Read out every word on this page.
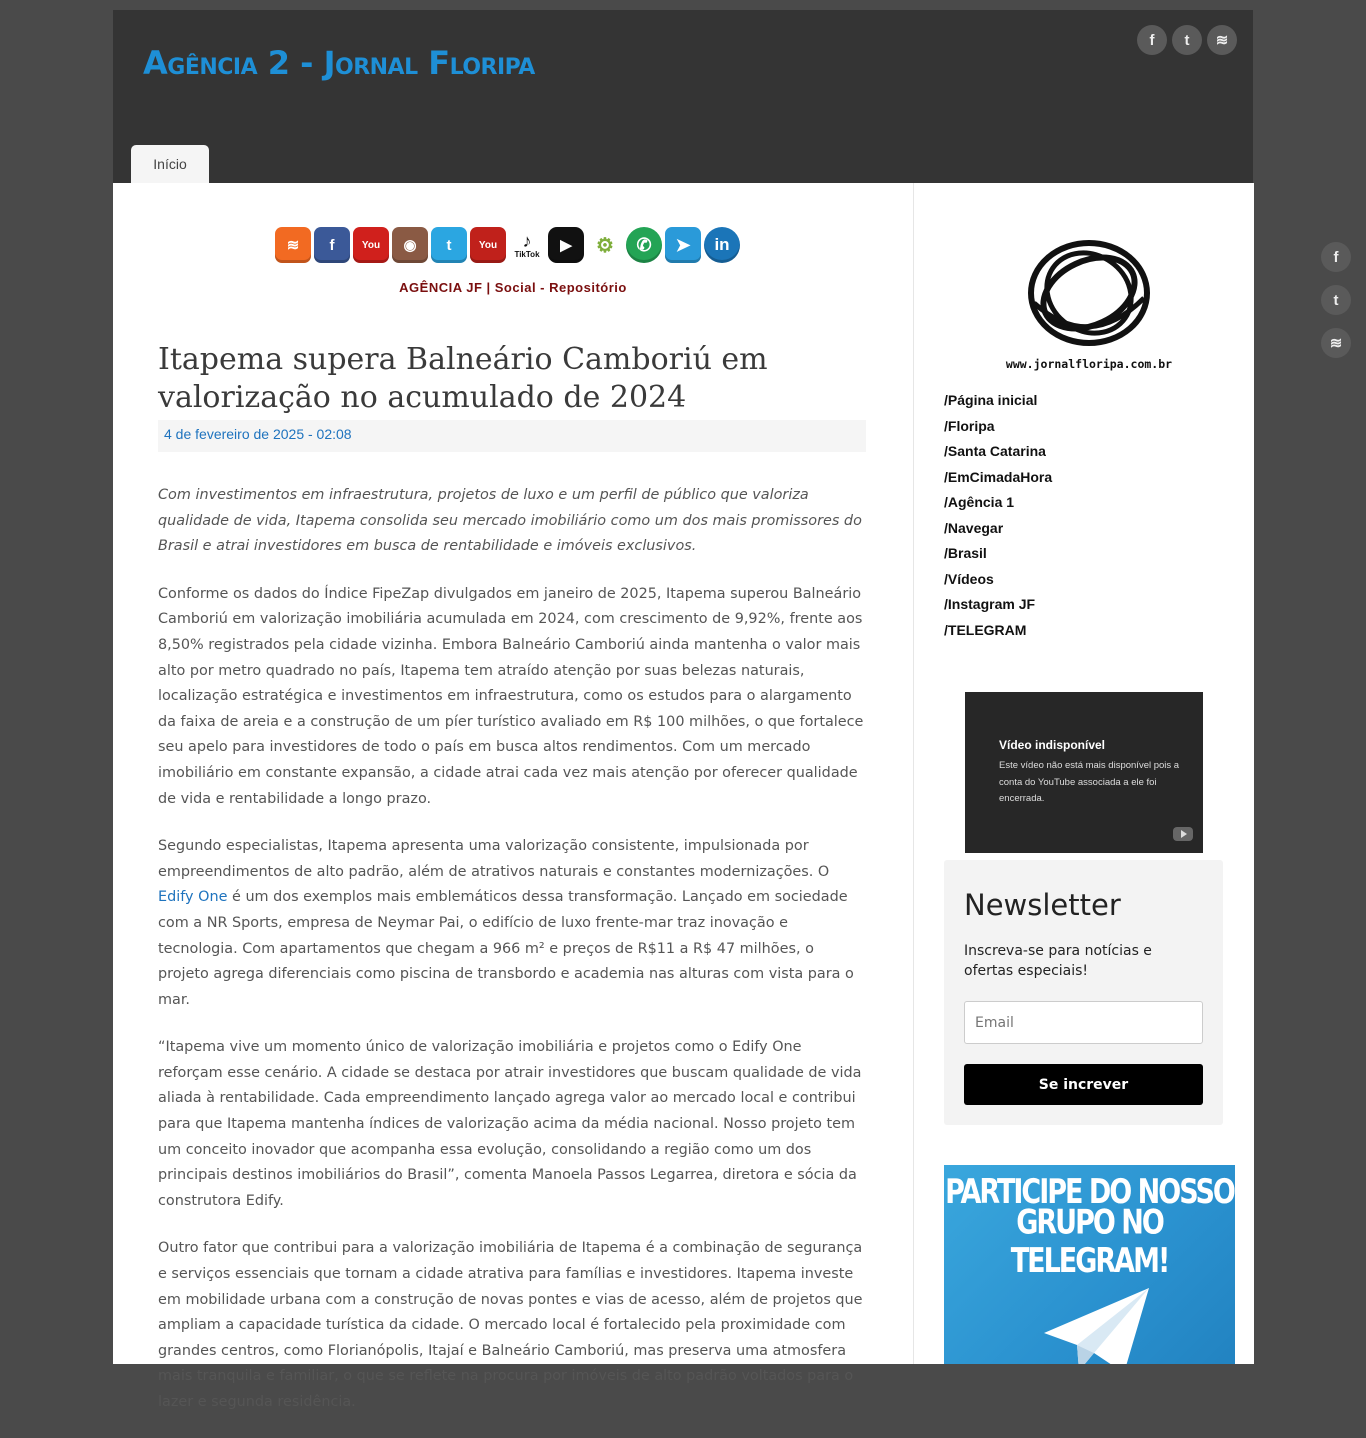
Agência 2 - Jornal Floripa
f	t	≋
Início
≋	f	You	◉	t	You	♪
TikTok	▶	⚙	✆	➤	in
AGÊNCIA JF | Social - Repositório
Itapema supera Balneário Camboriú em valorização no acumulado de 2024
4 de fevereiro de 2025 - 02:08

Com investimentos em infraestrutura, projetos de luxo e um perfil de público que valoriza qualidade de vida, Itapema consolida seu mercado imobiliário como um dos mais promissores do Brasil e atrai investidores em busca de rentabilidade e imóveis exclusivos.

Conforme os dados do Índice FipeZap divulgados em janeiro de 2025, Itapema superou Balneário Camboriú em valorização imobiliária acumulada em 2024, com crescimento de 9,92%, frente aos 8,50% registrados pela cidade vizinha. Embora Balneário Camboriú ainda mantenha o valor mais alto por metro quadrado no país, Itapema tem atraído atenção por suas belezas naturais, localização estratégica e investimentos em infraestrutura, como os estudos para o alargamento da faixa de areia e a construção de um píer turístico avaliado em R$ 100 milhões, o que fortalece seu apelo para investidores de todo o país em busca altos rendimentos. Com um mercado imobiliário em constante expansão, a cidade atrai cada vez mais atenção por oferecer qualidade de vida e rentabilidade a longo prazo.

Segundo especialistas, Itapema apresenta uma valorização consistente, impulsionada por empreendimentos de alto padrão, além de atrativos naturais e constantes modernizações. O Edify One é um dos exemplos mais emblemáticos dessa transformação. Lançado em sociedade com a NR Sports, empresa de Neymar Pai, o edifício de luxo frente-mar traz inovação e tecnologia. Com apartamentos que chegam a 966 m² e preços de R$11 a R$ 47 milhões, o projeto agrega diferenciais como piscina de transbordo e academia nas alturas com vista para o mar.

“Itapema vive um momento único de valorização imobiliária e projetos como o Edify One reforçam esse cenário. A cidade se destaca por atrair investidores que buscam qualidade de vida aliada à rentabilidade. Cada empreendimento lançado agrega valor ao mercado local e contribui para que Itapema mantenha índices de valorização acima da média nacional. Nosso projeto tem um conceito inovador que acompanha essa evolução, consolidando a região como um dos principais destinos imobiliários do Brasil”, comenta Manoela Passos Legarrea, diretora e sócia da construtora Edify.

Outro fator que contribui para a valorização imobiliária de Itapema é a combinação de segurança e serviços essenciais que tornam a cidade atrativa para famílias e investidores. Itapema investe em mobilidade urbana com a construção de novas pontes e vias de acesso, além de projetos que ampliam a capacidade turística da cidade. O mercado local é fortalecido pela proximidade com grandes centros, como Florianópolis, Itajaí e Balneário Camboriú, mas preserva uma atmosfera mais tranquila e familiar, o que se reflete na procura por imóveis de alto padrão voltados para o lazer e segunda residência.

www.jornalfloripa.com.br
/Página inicial
/Floripa
/Santa Catarina
/EmCimadaHora
/Agência 1
/Navegar
/Brasil
/Vídeos
/Instagram JF
/TELEGRAM
Vídeo indisponível

Este vídeo não está mais disponível pois a conta do YouTube associada a ele foi encerrada.

Newsletter
Inscreva-se para notícias e ofertas especiais!
Email
Se increver
PARTICIPE DO NOSSO
GRUPO NO TELEGRAM!
f
t
≋
